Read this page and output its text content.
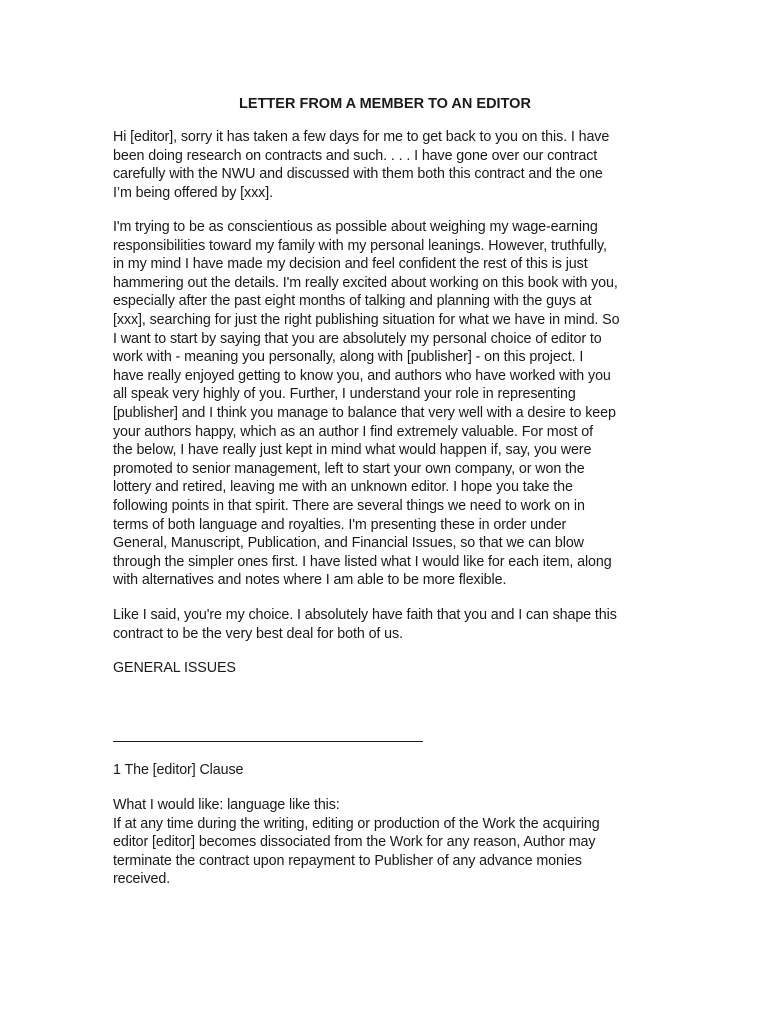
LETTER FROM A MEMBER TO AN EDITOR
Hi [editor], sorry it has taken a few days for me to get back to you on this. I have
been doing research on contracts and such. . . . I have gone over our contract
carefully with the NWU and discussed with them both this contract and the one
I’m being offered by [xxx].
I'm trying to be as conscientious as possible about weighing my wage-earning
responsibilities toward my family with my personal leanings. However, truthfully,
in my mind I have made my decision and feel confident the rest of this is just
hammering out the details. I'm really excited about working on this book with you,
especially after the past eight months of talking and planning with the guys at
[xxx], searching for just the right publishing situation for what we have in mind. So
I want to start by saying that you are absolutely my personal choice of editor to
work with - meaning you personally, along with [publisher] - on this project. I
have really enjoyed getting to know you, and authors who have worked with you
all speak very highly of you. Further, I understand your role in representing
[publisher] and I think you manage to balance that very well with a desire to keep
your authors happy, which as an author I find extremely valuable. For most of
the below, I have really just kept in mind what would happen if, say, you were
promoted to senior management, left to start your own company, or won the
lottery and retired, leaving me with an unknown editor. I hope you take the
following points in that spirit. There are several things we need to work on in
terms of both language and royalties. I'm presenting these in order under
General, Manuscript, Publication, and Financial Issues, so that we can blow
through the simpler ones first. I have listed what I would like for each item, along
with alternatives and notes where I am able to be more flexible.
Like I said, you're my choice. I absolutely have faith that you and I can shape this
contract to be the very best deal for both of us.
GENERAL ISSUES
1 The [editor] Clause
What I would like: language like this:
If at any time during the writing, editing or production of the Work the acquiring
editor [editor] becomes dissociated from the Work for any reason, Author may
terminate the contract upon repayment to Publisher of any advance monies
received.
